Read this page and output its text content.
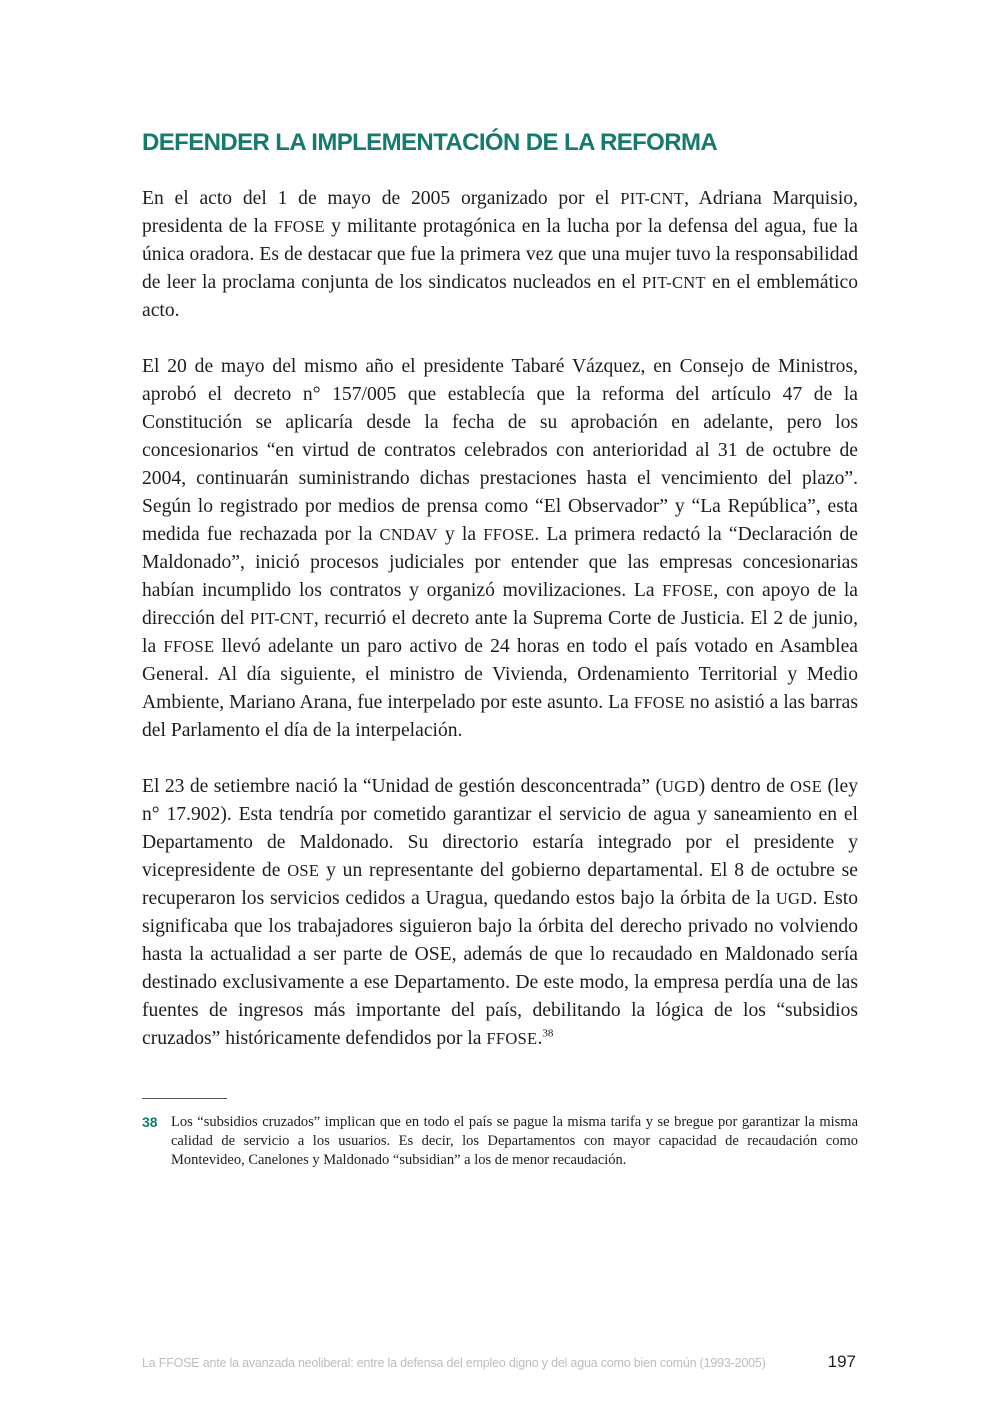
DEFENDER LA IMPLEMENTACIÓN DE LA REFORMA

En el acto del 1 de mayo de 2005 organizado por el PIT-CNT, Adriana Marquisio, presidenta de la FFOSE y militante protagónica en la lucha por la defensa del agua, fue la única oradora. Es de destacar que fue la primera vez que una mujer tuvo la responsabilidad de leer la proclama conjunta de los sindicatos nucleados en el PIT-CNT en el emblemático acto.

El 20 de mayo del mismo año el presidente Tabaré Vázquez, en Consejo de Ministros, aprobó el decreto n° 157/005 que establecía que la reforma del artículo 47 de la Constitución se aplicaría desde la fecha de su aprobación en adelante, pero los concesionarios “en virtud de contratos celebrados con anterioridad al 31 de octubre de 2004, continuarán suministrando dichas prestaciones hasta el vencimiento del plazo”. Según lo registrado por medios de prensa como “El Observador” y “La República”, esta medida fue rechazada por la CNDAV y la FFOSE. La primera redactó la “Declaración de Maldonado”, inició procesos judiciales por entender que las empresas concesionarias habían incumplido los contratos y organizó movilizaciones. La FFOSE, con apoyo de la dirección del PIT-CNT, recurrió el decreto ante la Suprema Corte de Justicia. El 2 de junio, la FFOSE llevó adelante un paro activo de 24 horas en todo el país votado en Asamblea General. Al día siguiente, el ministro de Vivienda, Ordenamiento Territorial y Medio Ambiente, Mariano Arana, fue interpelado por este asunto. La FFOSE no asistió a las barras del Parlamento el día de la interpelación.

El 23 de setiembre nació la “Unidad de gestión desconcentrada” (UGD) dentro de OSE (ley n° 17.902). Esta tendría por cometido garantizar el servicio de agua y saneamiento en el Departamento de Maldonado. Su directorio estaría integrado por el presidente y vicepresidente de OSE y un representante del gobierno departamental. El 8 de octubre se recuperaron los servicios cedidos a Uragua, quedando estos bajo la órbita de la UGD. Esto significaba que los trabajadores siguieron bajo la órbita del derecho privado no volviendo hasta la actualidad a ser parte de OSE, además de que lo recaudado en Maldonado sería destinado exclusivamente a ese Departamento. De este modo, la empresa perdía una de las fuentes de ingresos más importante del país, debilitando la lógica de los “subsidios cruzados” históricamente defendidos por la FFOSE.$^{38}$

38 Los “subsidios cruzados” implican que en todo el país se pague la misma tarifa y se bregue por garantizar la misma calidad de servicio a los usuarios. Es decir, los Departamentos con mayor capacidad de recaudación como Montevideo, Canelones y Maldonado “subsidian” a los de menor recaudación.

La FFOSE ante la avanzada neoliberal: entre la defensa del empleo digno y del agua como bien común (1993-2005)	197
